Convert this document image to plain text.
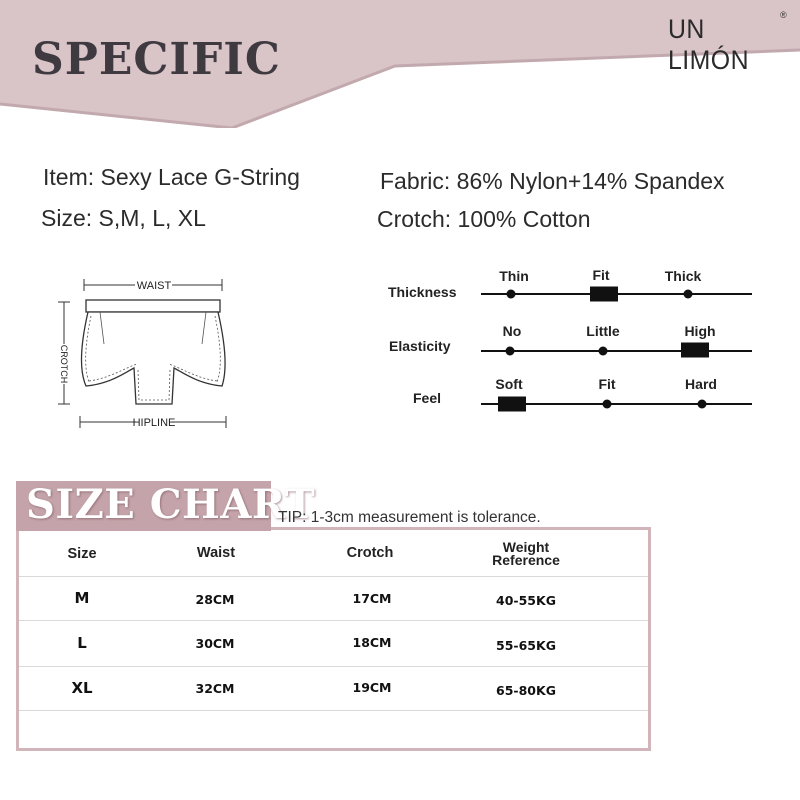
SPECIFIC
UN LIMÓN
®
Item: Sexy Lace G-String
Size: S,M, L, XL
Fabric: 86% Nylon+14% Spandex
Crotch: 100% Cotton
WAIST
CROTCH
HIPLINE
Thickness
Thin	Fit	Thick
Elasticity
No	Little	High
Feel
Soft	Fit	Hard
SIZE CHART
TIP: 1-3cm measurement is tolerance.
Size	Waist	Crotch	Weight
Reference
M	28CM	17CM	40-55KG
L	30CM	18CM	55-65KG
XL	32CM	19CM	65-80KG
